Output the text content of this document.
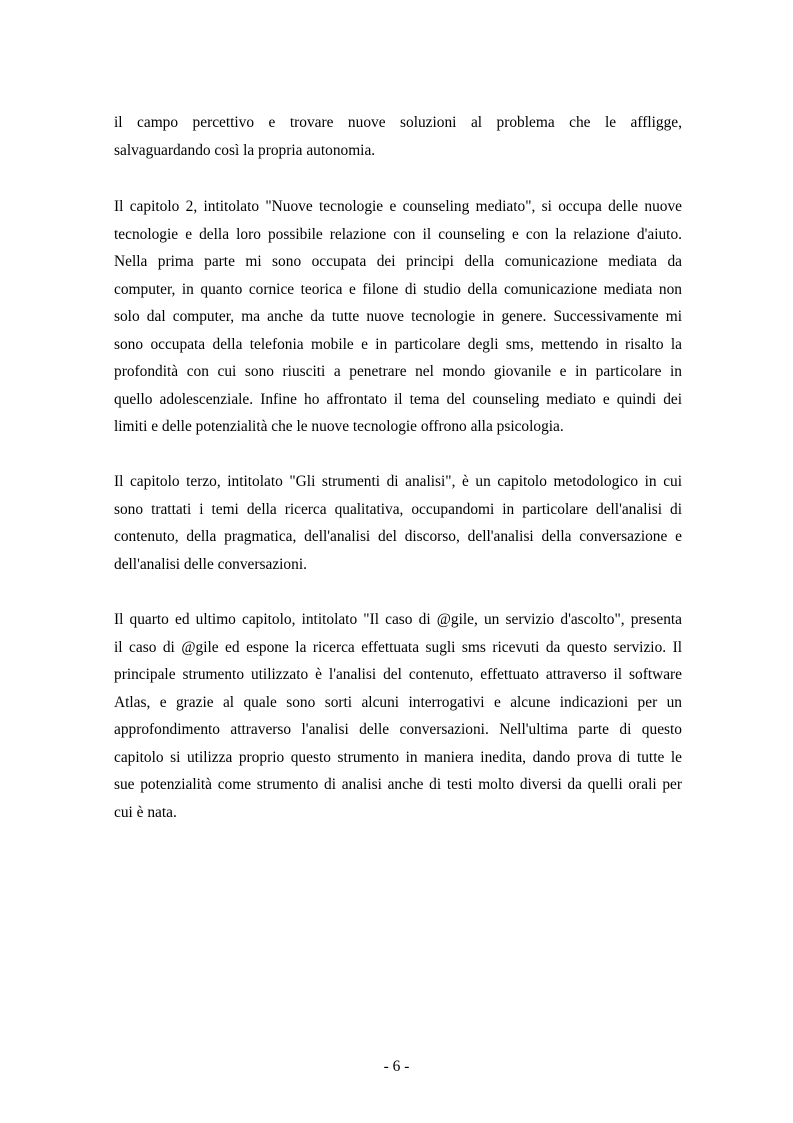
il campo percettivo e trovare nuove soluzioni al problema che le affligge,
salvaguardando così la propria autonomia.
Il capitolo 2, intitolato "Nuove tecnologie e counseling mediato", si occupa delle nuove
tecnologie e della loro possibile relazione con il counseling e con la relazione d'aiuto.
Nella prima parte mi sono occupata dei principi della comunicazione mediata da
computer, in quanto cornice teorica e filone di studio della comunicazione mediata non
solo dal computer, ma anche da tutte nuove tecnologie in genere. Successivamente mi
sono occupata della telefonia mobile e in particolare degli sms, mettendo in risalto la
profondità con cui sono riusciti a penetrare nel mondo giovanile e in particolare in
quello adolescenziale. Infine ho affrontato il tema del counseling mediato e quindi dei
limiti e delle potenzialità che le nuove tecnologie offrono alla psicologia.
Il capitolo terzo, intitolato "Gli strumenti di analisi", è un capitolo metodologico in cui
sono trattati i temi della ricerca qualitativa, occupandomi in particolare dell'analisi di
contenuto, della pragmatica, dell'analisi del discorso, dell'analisi della conversazione e
dell'analisi delle conversazioni.
Il quarto ed ultimo capitolo, intitolato "Il caso di @gile, un servizio d'ascolto", presenta
il caso di @gile ed espone la ricerca effettuata sugli sms ricevuti da questo servizio. Il
principale strumento utilizzato è l'analisi del contenuto, effettuato attraverso il software
Atlas, e grazie al quale sono sorti alcuni interrogativi e alcune indicazioni per un
approfondimento attraverso l'analisi delle conversazioni. Nell'ultima parte di questo
capitolo si utilizza proprio questo strumento in maniera inedita, dando prova di tutte le
sue potenzialità come strumento di analisi anche di testi molto diversi da quelli orali per
cui è nata.
- 6 -
